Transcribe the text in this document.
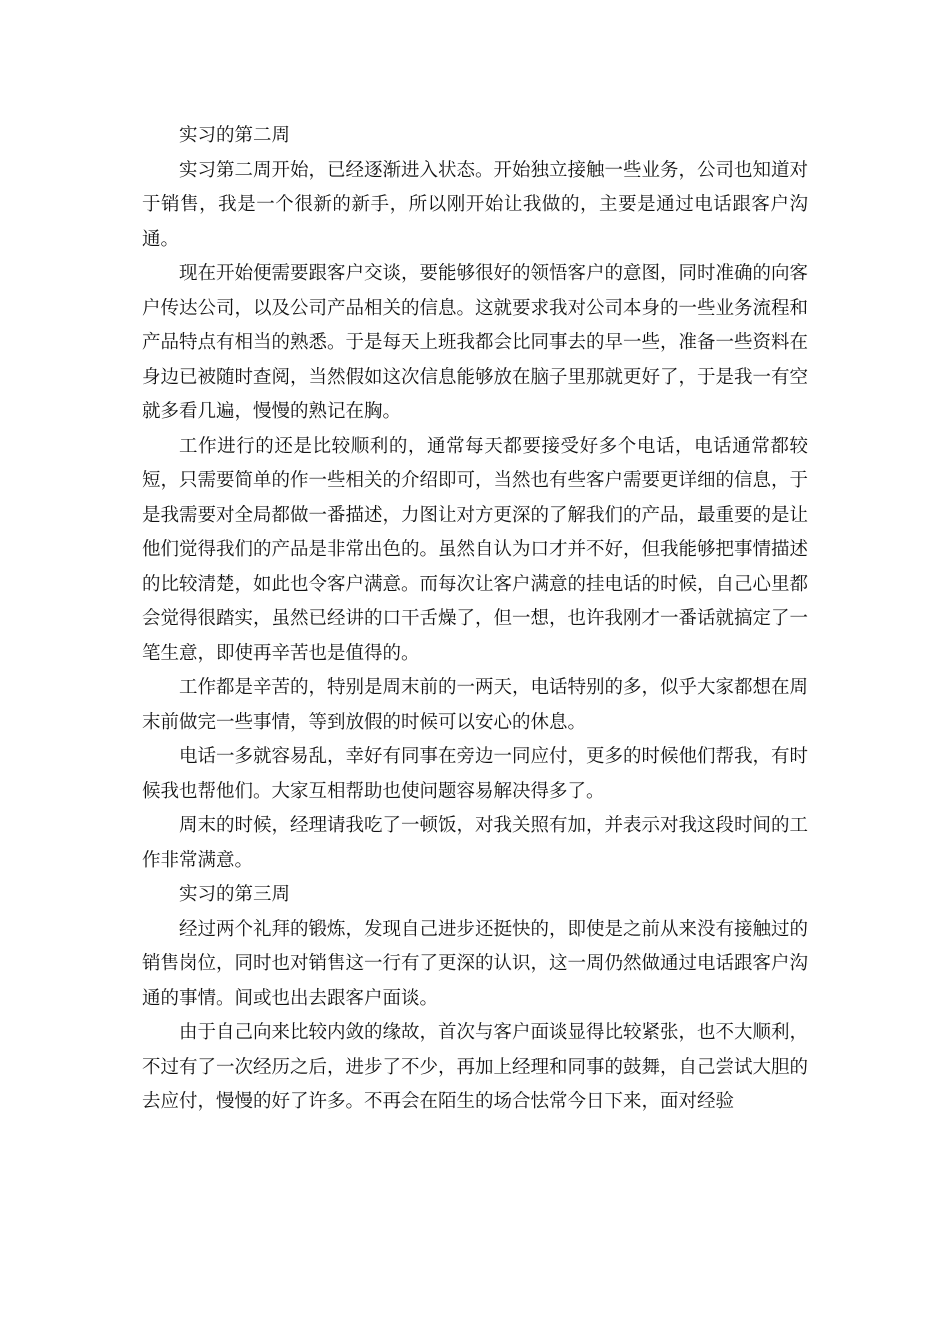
实习的第二周

实习第二周开始，已经逐渐进入状态。开始独立接触一些业务，公司也知道对于销售，我是一个很新的新手，所以刚开始让我做的，主要是通过电话跟客户沟通。

现在开始便需要跟客户交谈，要能够很好的领悟客户的意图，同时准确的向客户传达公司，以及公司产品相关的信息。这就要求我对公司本身的一些业务流程和产品特点有相当的熟悉。于是每天上班我都会比同事去的早一些，准备一些资料在身边已被随时查阅，当然假如这次信息能够放在脑子里那就更好了，于是我一有空就多看几遍，慢慢的熟记在胸。

工作进行的还是比较顺利的，通常每天都要接受好多个电话，电话通常都较短，只需要简单的作一些相关的介绍即可，当然也有些客户需要更详细的信息，于是我需要对全局都做一番描述，力图让对方更深的了解我们的产品，最重要的是让他们觉得我们的产品是非常出色的。虽然自认为口才并不好，但我能够把事情描述的比较清楚，如此也令客户满意。而每次让客户满意的挂电话的时候，自己心里都会觉得很踏实，虽然已经讲的口干舌燥了，但一想，也许我刚才一番话就搞定了一笔生意，即使再辛苦也是值得的。

工作都是辛苦的，特别是周末前的一两天，电话特别的多，似乎大家都想在周末前做完一些事情，等到放假的时候可以安心的休息。

电话一多就容易乱，幸好有同事在旁边一同应付，更多的时候他们帮我，有时候我也帮他们。大家互相帮助也使问题容易解决得多了。

周末的时候，经理请我吃了一顿饭，对我关照有加，并表示对我这段时间的工作非常满意。

实习的第三周

经过两个礼拜的锻炼，发现自己进步还挺快的，即使是之前从来没有接触过的销售岗位，同时也对销售这一行有了更深的认识，这一周仍然做通过电话跟客户沟通的事情。间或也出去跟客户面谈。

由于自己向来比较内敛的缘故，首次与客户面谈显得比较紧张，也不大顺利，不过有了一次经历之后，进步了不少，再加上经理和同事的鼓舞，自己尝试大胆的去应付，慢慢的好了许多。不再会在陌生的场合怯常今日下来，面对经验
